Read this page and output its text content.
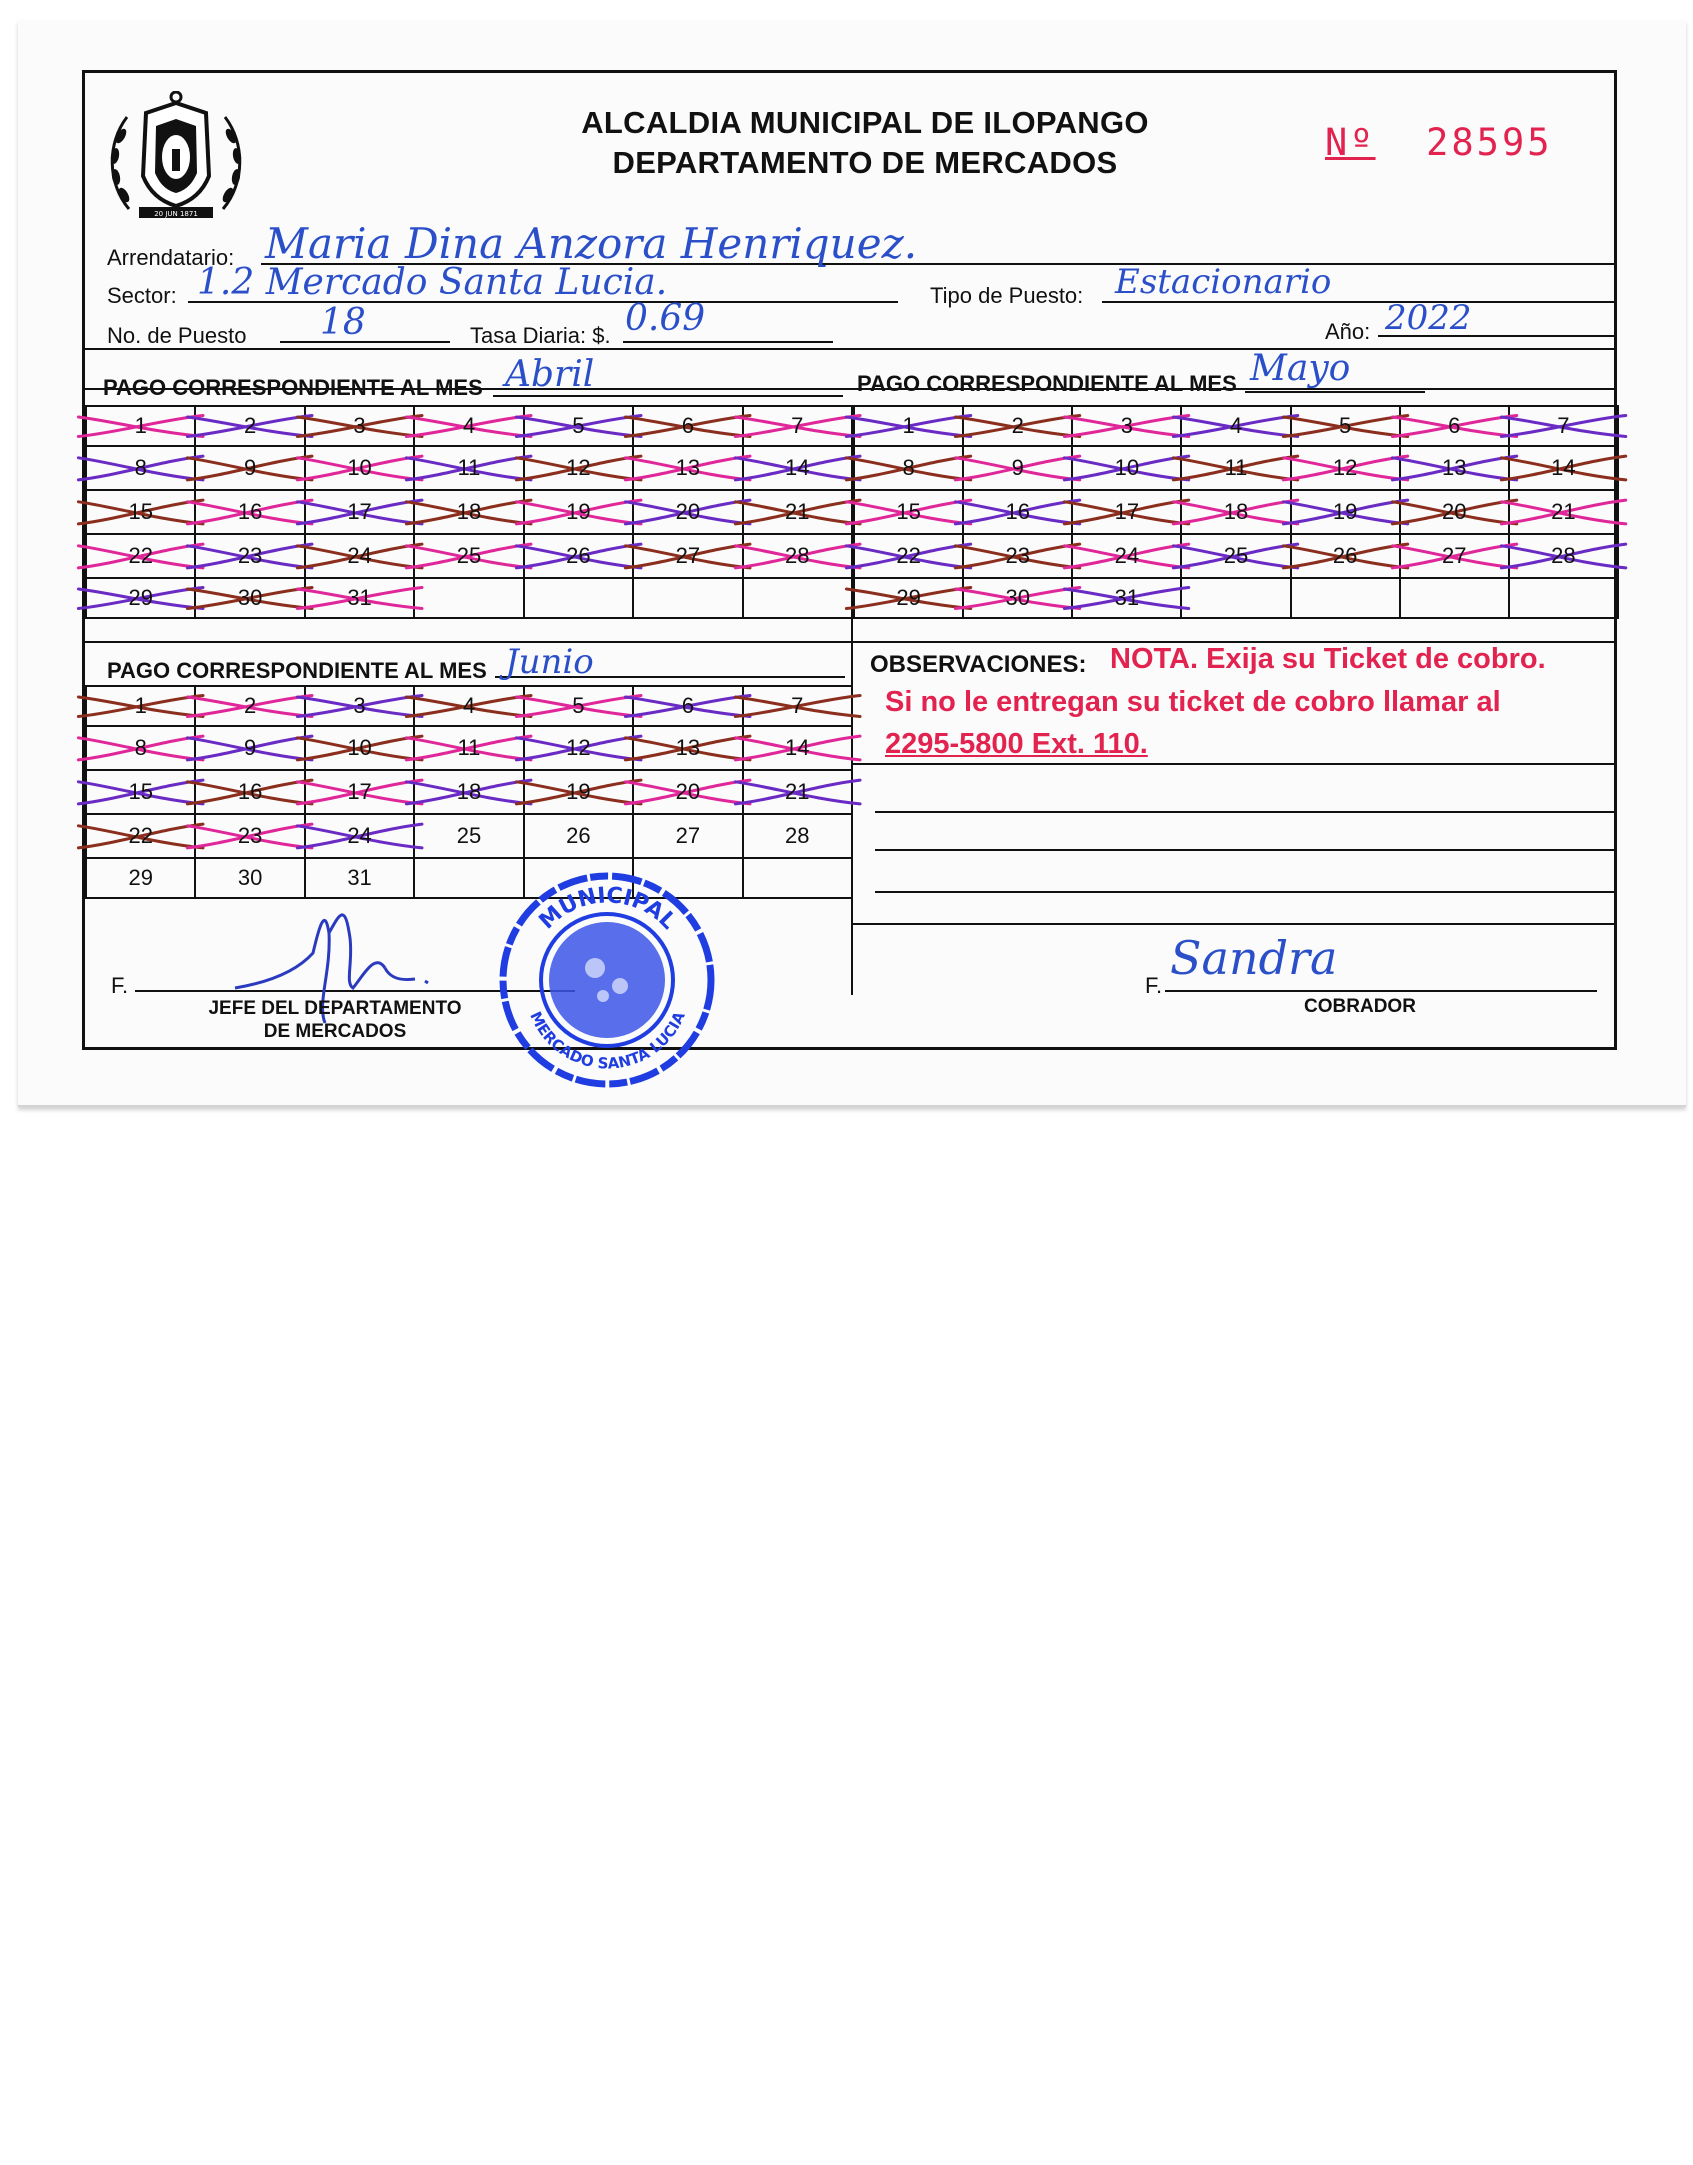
20 JUN 1871
ALCALDIA MUNICIPAL DE ILOPANGO
DEPARTAMENTO DE MERCADOS	Nº 28595
Arrendatario: Maria Dina Anzora Henriquez.
Sector: 1.2 Mercado Santa Lucia.	Tipo de Puesto: Estacionario
No. de Puesto 18	Tasa Diaria: $. 0.69	Año: 2022
PAGO CORRESPONDIENTE AL MES Abril	PAGO CORRESPONDIENTE AL MES Mayo
1	2	3	4	5	6	7

8	9	10	11	12	13	14

15	16	17	18	19	20	21

22	23	24	25	26	27	28

29	30	31

1	2	3	4	5	6	7

8	9	10	11	12	13	14

15	16	17	18	19	20	21

22	23	24	25	26	27	28

29	30	31

PAGO CORRESPONDIENTE AL MES Junio
1	2	3	4	5	6	7

8	9	10	11	12	13	14

15	16	17	18	19	20	21

22	23	24	25	26	27	28
29	30	31				
OBSERVACIONES: NOTA. Exija su Ticket de cobro.
Si no le entregan su ticket de cobro llamar al
2295-5800 Ext. 110.
F.
JEFE DEL DEPARTAMENTO
DE MERCADOS
MUNICIPAL
MERCADO SANTA LUCIA
F.
Sandra
COBRADOR
